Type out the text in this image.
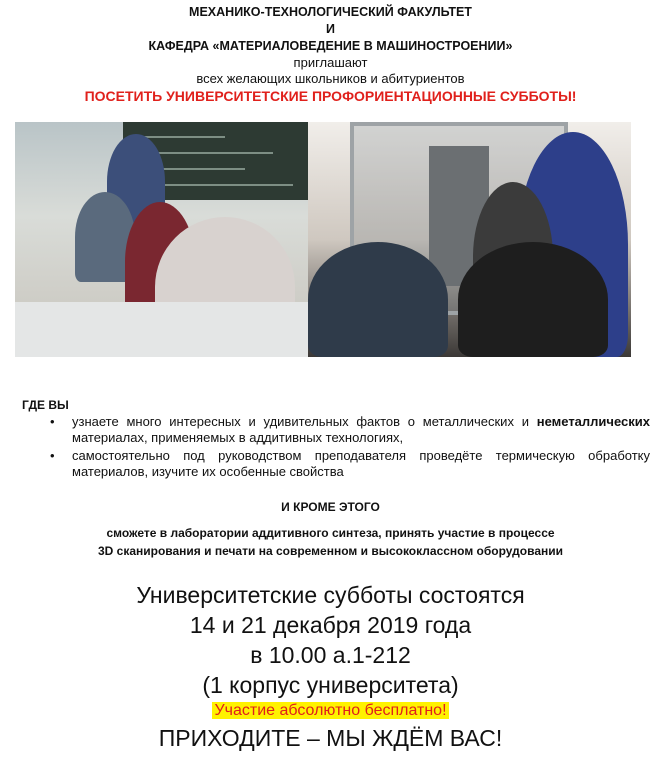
МЕХАНИКО-ТЕХНОЛОГИЧЕСКИЙ ФАКУЛЬТЕТ
И
КАФЕДРА «МАТЕРИАЛОВЕДЕНИЕ В МАШИНОСТРОЕНИИ»
приглашают
всех желающих школьников и абитуриентов
ПОСЕТИТЬ УНИВЕРСИТЕТСКИЕ ПРОФОРИЕНТАЦИОННЫЕ СУББОТЫ!
ГДЕ ВЫ
• узнаете много интересных и удивительных фактов о металлических и неметаллических материалах, применяемых в аддитивных технологиях,
• самостоятельно под руководством преподавателя проведёте термическую обработку материалов, изучите их особенные свойства
И КРОМЕ ЭТОГО
сможете в лаборатории аддитивного синтеза, принять участие в процессе
3D сканирования и печати на современном и высококлассном оборудовании
Университетские субботы состоятся
14 и 21 декабря 2019 года
в 10.00 а.1-212
(1 корпус университета)
Участие абсолютно бесплатно!
ПРИХОДИТЕ – МЫ ЖДЁМ ВАС!
